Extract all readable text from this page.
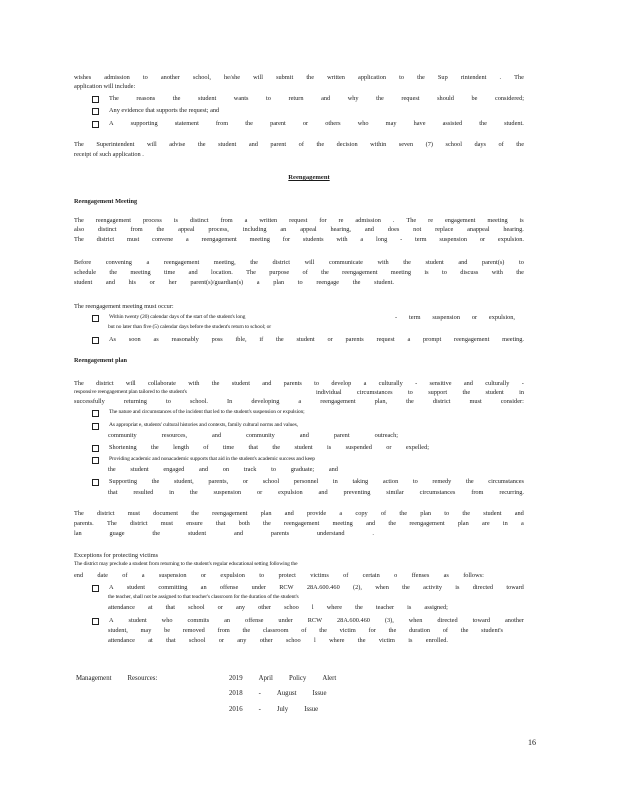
wishes admission to another school, he/she will submit the written application to the Sup rintendent . The
application will include:
The	reasons	the	student	wants	to	return	and	why	the	request	should	be	considered;
Any evidence that supports the request; and
A	supporting	statement	from	the	parent	or	others	who	may	have	assisted	the	student.
The Superintendent will advise the student and parent of the decision within seven (7) school days of the
receipt of such application .
Reengagement
Reengagement Meeting
The reengagement process is distinct from a written request for re admission . The re engagement meeting is
also distinct from the appeal process, including an appeal hearing, and does not replace anappeal hearing.
The district must convene a reengagement meeting for students with a long - term suspension or expulsion.
Before convening a reengagement meeting, the district will communicate with the student and parent(s) to
schedule the meeting time and location. The purpose of the reengagement meeting is to discuss with the
student and his or her parent(s)/guardian(s) a plan to reengage the student.
The reengagement meeting must occur:
Within twenty (20) calendar days of the start of the student's long	- term suspension or expulsion,
but no later than five (5) calendar days before the student's return to school; or
As soon as reasonably poss ible, if the student or parents request a prompt reengagement meeting.
Reengagement plan
The district will collaborate with the student and parents to develop a culturally - sensitive and culturally -
responsive reengagement plan tailored to the student's	individual circumstances to support the student in
successfully	returning	to	school.	In	developing	a	reengagement	plan,	the	district	must	consider:
The nature and circumstances of the incident that led to the student's suspension or expulsion;
As appropriat e, students' cultural histories and contexts, family cultural norms and values,
community	resources,	and	community	and	parent	outreach;
Shortening the length of time that the student is suspended or expelled;
Providing academic and nonacademic supports that aid in the student's academic success and keep
the student engaged and on track to graduate; and
Supporting the student, parents, or school personnel in taking action to remedy the circumstances
that	resulted	in	the	suspension	or	expulsion	and	preventing	similar	circumstances	from	recurring.
The district must document the reengagement plan and provide a copy of the plan to the student and
parents. The district must ensure that both the reengagement meeting and the reengagement plan are in a
lan	guage	the	student	and	parents	understand	.
Exceptions for protecting victims
The district may preclude a student from returning to the student's regular educational setting following the
end date of a suspension or expulsion to protect victims of certain o ffenses as follows:
A student committing an offense under RCW 28A.600.460 (2), when the activity is directed toward
the teacher, shall not be assigned to that teacher's classroom for the duration of the student's
attendance at that school or any other schoo l where the teacher is assigned;
A student who commits an offense under RCW 28A.600.460 (3), when directed toward another
student, may be removed from the classroom of the victim for the duration of the student's
attendance at that school or any other schoo l where the victim is enrolled.
Management Resources:	2019 April Policy Alert
2018 - August Issue
2016 - July Issue
16
